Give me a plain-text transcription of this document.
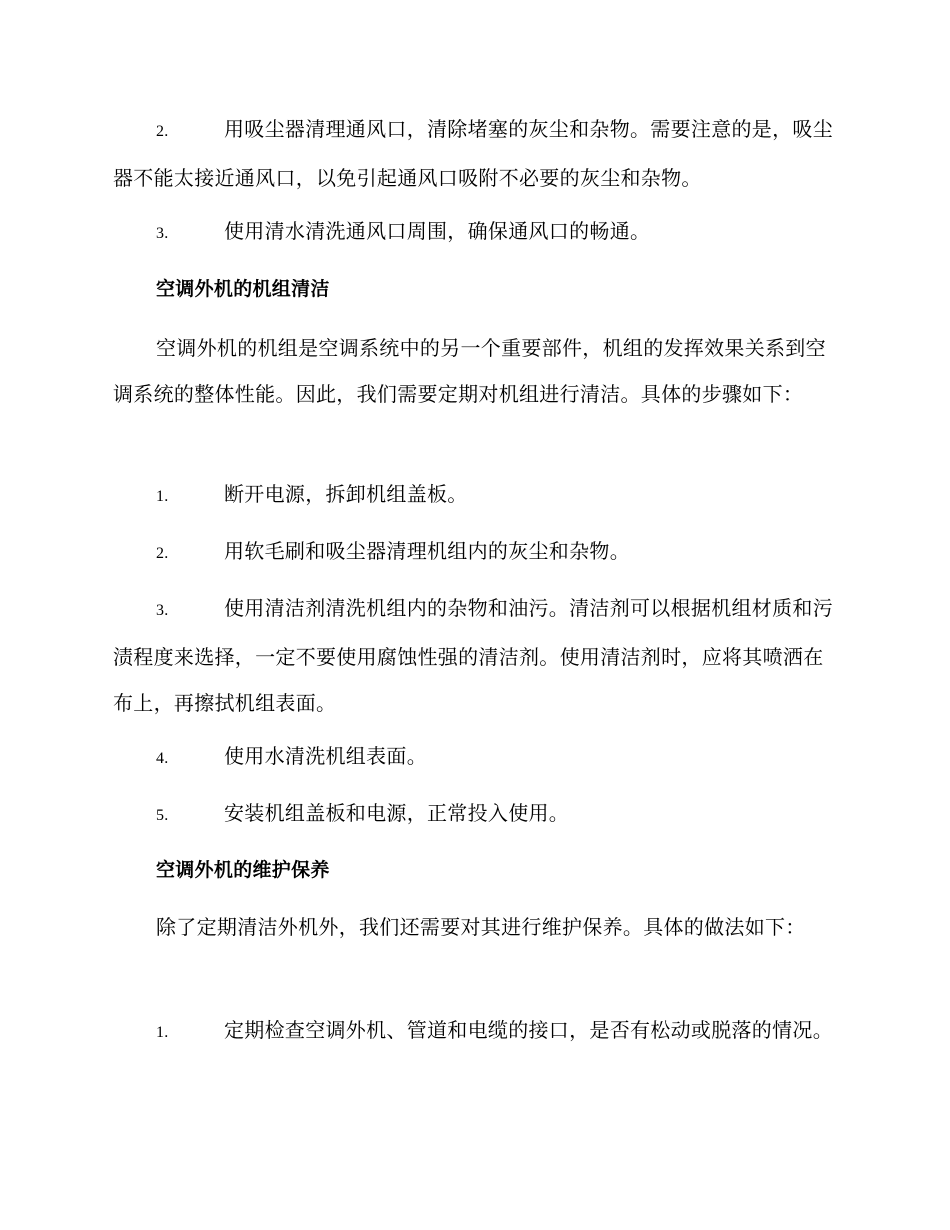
2.	用吸尘器清理通风口，清除堵塞的灰尘和杂物。需要注意的是，吸尘器不能太接近通风口，以免引起通风口吸附不必要的灰尘和杂物。

3.	使用清水清洗通风口周围，确保通风口的畅通。

空调外机的机组清洁

空调外机的机组是空调系统中的另一个重要部件，机组的发挥效果关系到空调系统的整体性能。因此，我们需要定期对机组进行清洁。具体的步骤如下：

1.	断开电源，拆卸机组盖板。

2.	用软毛刷和吸尘器清理机组内的灰尘和杂物。

3.	使用清洁剂清洗机组内的杂物和油污。清洁剂可以根据机组材质和污渍程度来选择，一定不要使用腐蚀性强的清洁剂。使用清洁剂时，应将其喷洒在布上，再擦拭机组表面。

4.	使用水清洗机组表面。

5.	安装机组盖板和电源，正常投入使用。

空调外机的维护保养

除了定期清洁外机外，我们还需要对其进行维护保养。具体的做法如下：

1.	定期检查空调外机、管道和电缆的接口，是否有松动或脱落的情况。
